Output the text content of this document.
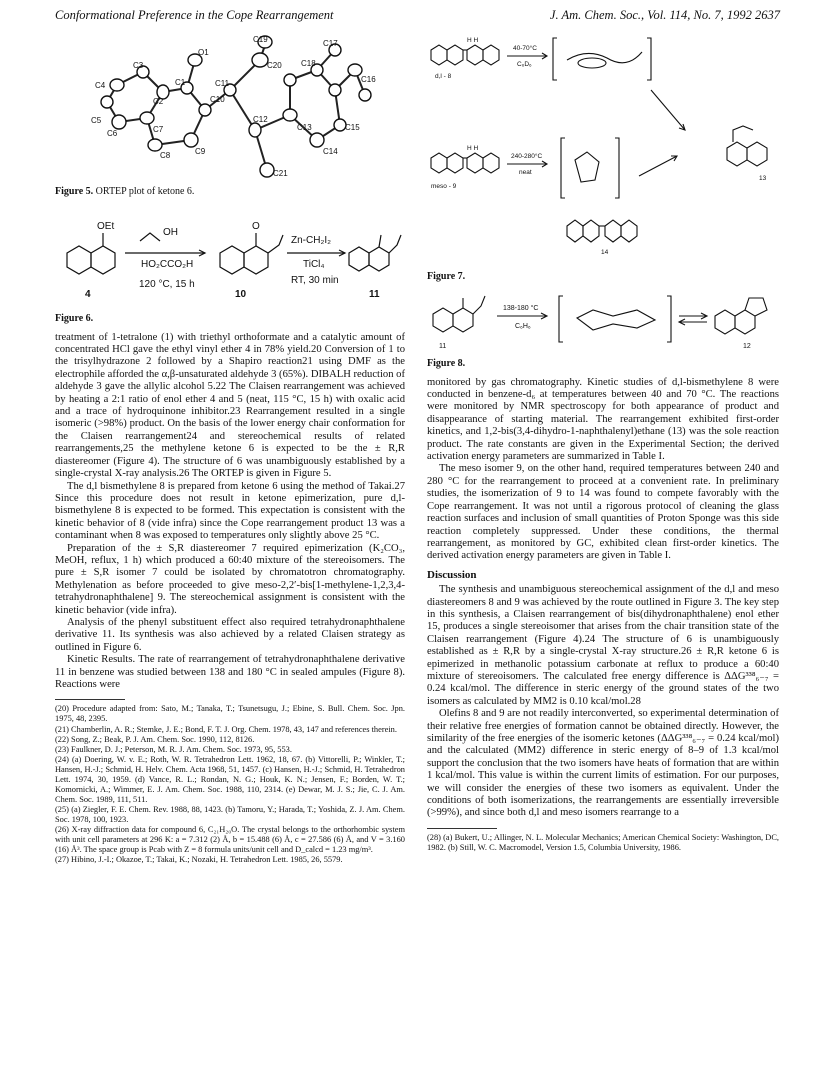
Conformational Preference in the Cope Rearrangement	J. Am. Chem. Soc., Vol. 114, No. 7, 1992 2637
C3
O1
C19	C17
C16
C4
C2
C1
C20 C18
C11
C10
C5
C6	C7
C8	C9
C12
C13	C15
C14
C21
Figure 5. ORTEP plot of ketone 6.
OEt
OH
HO₂CCO₂H
120 °C, 15 h
O
Zn-CH₂I₂
TiCl₄
RT, 30 min
4	10	11
Figure 6.

treatment of 1-tetralone (1) with triethyl orthoformate and a catalytic amount of concentrated HCl gave the ethyl vinyl ether 4 in 78% yield.20 Conversion of 1 to the trisylhydrazone 2 followed by a Shapiro reaction21 using DMF as the electrophile afforded the α,β-unsaturated aldehyde 3 (65%). DIBALH reduction of aldehyde 3 gave the allylic alcohol 5.22 The Claisen rearrangement was achieved by heating a 2:1 ratio of enol ether 4 and 5 (neat, 115 °C, 15 h) with oxalic acid and a trace of hydroquinone inhibitor.23 Rearrangement resulted in a single isomeric (>98%) product. On the basis of the lower energy chair conformation for the Claisen rearrangement24 and stereochemical results of related rearrangements,25 the methylene ketone 6 is expected to be the ± R,R diastereomer (Figure 4). The structure of 6 was unambiguously established by a single-crystal X-ray analysis.26 The ORTEP is given in Figure 5.

The d,l bismethylene 8 is prepared from ketone 6 using the method of Takai.27 Since this procedure does not result in ketone epimerization, pure d,l-bismethylene 8 is expected to be formed. This expectation is consistent with the kinetic behavior of 8 (vide infra) since the Cope rearrangement product 13 was a contaminant when 8 was exposed to temperatures only slightly above 25 °C.

Preparation of the ± S,R diastereomer 7 required epimerization (K₂CO₃, MeOH, reflux, 1 h) which produced a 60:40 mixture of the stereoisomers. The pure ± S,R isomer 7 could be isolated by chromatotron chromatography. Methylenation as before proceeded to give meso-2,2′-bis[1-methylene-1,2,3,4-tetrahydronaphthalene] 9. The stereochemical assignment is consistent with the kinetic behavior (vide infra).

Analysis of the phenyl substituent effect also required tetrahydronaphthalene derivative 11. Its synthesis was also achieved by a related Claisen strategy as outlined in Figure 6.

Kinetic Results. The rate of rearrangement of tetrahydronaphthalene derivative 11 in benzene was studied between 138 and 180 °C in sealed ampules (Figure 8). Reactions were

(20) Procedure adapted from: Sato, M.; Tanaka, T.; Tsunetsugu, J.; Ebine, S. Bull. Chem. Soc. Jpn. 1975, 48, 2395.
(21) Chamberlin, A. R.; Stemke, J. E.; Bond, F. T. J. Org. Chem. 1978, 43, 147 and references therein.
(22) Song, Z.; Beak, P. J. Am. Chem. Soc. 1990, 112, 8126.
(23) Faulkner, D. J.; Peterson, M. R. J. Am. Chem. Soc. 1973, 95, 553.
(24) (a) Doering, W. v. E.; Roth, W. R. Tetrahedron Lett. 1962, 18, 67. (b) Vittorelli, P.; Winkler, T.; Hansen, H.-J.; Schmid, H. Helv. Chem. Acta 1968, 51, 1457. (c) Hansen, H.-J.; Schmid, H. Tetrahedron Lett. 1974, 30, 1959. (d) Vance, R. L.; Rondan, N. G.; Houk, K. N.; Jensen, F.; Borden, W. T.; Komornicki, A.; Wimmer, E. J. Am. Chem. Soc. 1988, 110, 2314. (e) Dewar, M. J. S.; Jie, C. J. Am. Chem. Soc. 1989, 111, 511.
(25) (a) Ziegler, F. E. Chem. Rev. 1988, 88, 1423. (b) Tamoru, Y.; Harada, T.; Yoshida, Z. J. Am. Chem. Soc. 1978, 100, 1923.
(26) X-ray diffraction data for compound 6, C₂₁H₂₀O. The crystal belongs to the orthorhombic system with unit cell parameters at 296 K: a = 7.312 (2) Å, b = 15.488 (6) Å, c = 27.586 (6) Å, and V = 3.160 (16) Å³. The space group is Pcab with Z = 8 formula units/unit cell and D_calcd = 1.23 mg/m³.
(27) Hibino, J.-I.; Okazoe, T.; Takai, K.; Nozaki, H. Tetrahedron Lett. 1985, 26, 5579.
H H
40-70°C
C₆D₆
d,l - 8
13
H H
240-280°C
neat
meso - 9
14
Figure 7.
138-180 °C
C₆H₆
11	12
Figure 8.

monitored by gas chromatography. Kinetic studies of d,l-bismethylene 8 were conducted in benzene-d₆ at temperatures between 40 and 70 °C. The reactions were monitored by NMR spectroscopy for both appearance of product and disappearance of starting material. The rearrangement exhibited first-order kinetics, and 1,2-bis(3,4-dihydro-1-naphthalenyl)ethane (13) was the sole reaction product. The rate constants are given in the Experimental Section; the derived activation energy parameters are summarized in Table I.

The meso isomer 9, on the other hand, required temperatures between 240 and 280 °C for the rearrangement to proceed at a convenient rate. In preliminary studies, the isomerization of 9 to 14 was found to compete favorably with the Cope rearrangement. It was not until a rigorous protocol of cleaning the glass reaction surfaces and inclusion of small quantities of Proton Sponge was this side reaction completely suppressed. Under these conditions, the thermal rearrangement, as monitored by GC, exhibited clean first-order kinetics. The derived activation energy parameters are given in Table I.

Discussion

The synthesis and unambiguous stereochemical assignment of the d,l and meso diastereomers 8 and 9 was achieved by the route outlined in Figure 3. The key step in this synthesis, a Claisen rearrangement of bis(dihydronaphthalene) enol ether 15, produces a single stereoisomer that arises from the chair transition state of the Claisen rearrangement (Figure 4).24 The structure of 6 is unambiguously established as ± R,R by a single-crystal X-ray structure.26 ± R,R ketone 6 is epimerized in methanolic potassium carbonate at reflux to produce a 60:40 mixture of stereoisomers. The calculated free energy difference is ΔΔG³³⁸₆₋₇ = 0.24 kcal/mol. The difference in steric energy of the ground states of the two isomers as calculated by MM2 is 0.10 kcal/mol.28

Olefins 8 and 9 are not readily interconverted, so experimental determination of their relative free energies of formation cannot be obtained directly. However, the similarity of the free energies of the isomeric ketones (ΔΔG³³⁸₆₋₇ = 0.24 kcal/mol) and the calculated (MM2) difference in steric energy of 8–9 of 1.3 kcal/mol support the conclusion that the two isomers have heats of formation that are within 1 kcal/mol. This value is within the current limits of estimation. For our purposes, we will consider the energies of these two isomers as equivalent. Under the conditions of both isomerizations, the rearrangements are essentially irreversible (>99%), and since both d,l and meso isomers rearrange to a

(28) (a) Bukert, U.; Allinger, N. L. Molecular Mechanics; American Chemical Society: Washington, DC, 1982. (b) Still, W. C. Macromodel, Version 1.5, Columbia University, 1986.
